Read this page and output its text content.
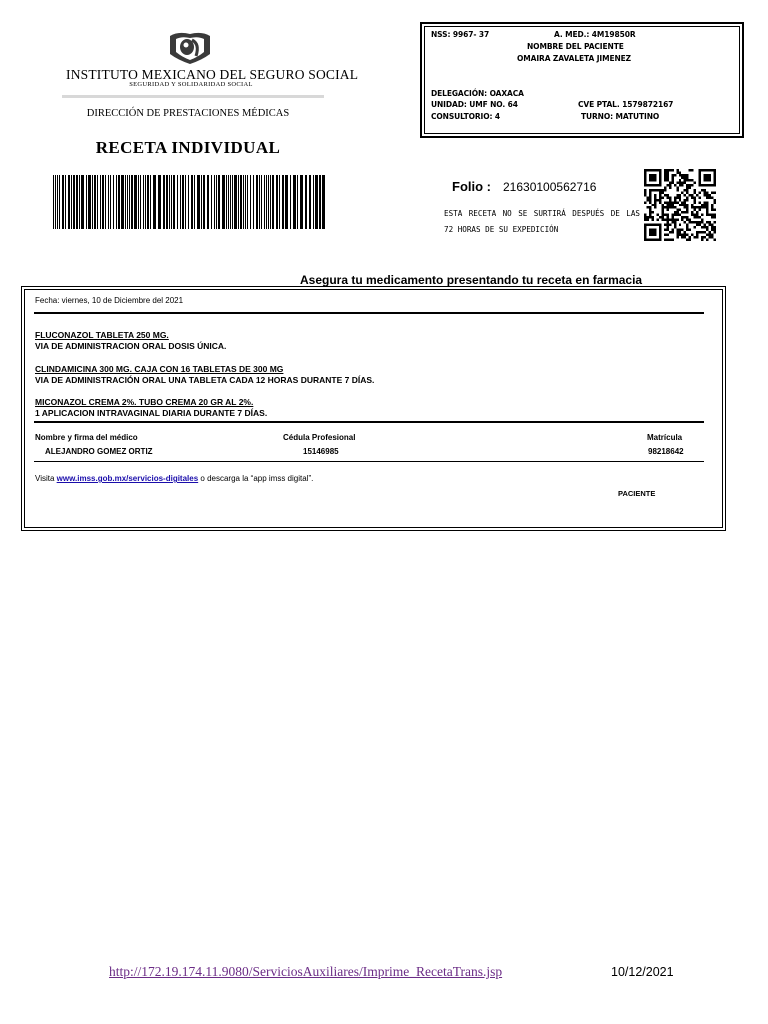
INSTITUTO MEXICANO DEL SEGURO SOCIAL
SEGURIDAD Y SOLIDARIDAD SOCIAL
DIRECCIÓN DE PRESTACIONES MÉDICAS
RECETA INDIVIDUAL
NSS: 9967- 37	A. MED.: 4M19850R
NOMBRE DEL PACIENTE
OMAIRA ZAVALETA JIMENEZ
DELEGACIÓN: OAXACA
UNIDAD: UMF NO. 64	CVE PTAL. 1579872167
CONSULTORIO: 4	TURNO: MATUTINO
Folio : 21630100562716
ESTA RECETA NO SE SURTIRÁ DESPUÉS DE LAS 72 HORAS DE SU EXPEDICIÓN
Asegura tu medicamento presentando tu receta en farmacia
Fecha: viernes, 10 de Diciembre del 2021
FLUCONAZOL TABLETA 250 MG.
VIA DE ADMINISTRACION ORAL DOSIS ÚNICA.
CLINDAMICINA 300 MG. CAJA CON 16 TABLETAS DE 300 MG
VIA DE ADMINISTRACIÓN ORAL UNA TABLETA CADA 12 HORAS DURANTE 7 DÍAS.
MICONAZOL CREMA 2%. TUBO CREMA 20 GR AL 2%.
1 APLICACION INTRAVAGINAL DIARIA DURANTE 7 DÍAS.
Nombre y firma del médico	Cédula Profesional	Matrícula
ALEJANDRO GOMEZ ORTIZ	15146985	98218642
Visita www.imss.gob.mx/servicios-digitales o descarga la “app imss digital”.
PACIENTE
http://172.19.174.11.9080/ServiciosAuxiliares/Imprime_RecetaTrans.jsp	10/12/2021
